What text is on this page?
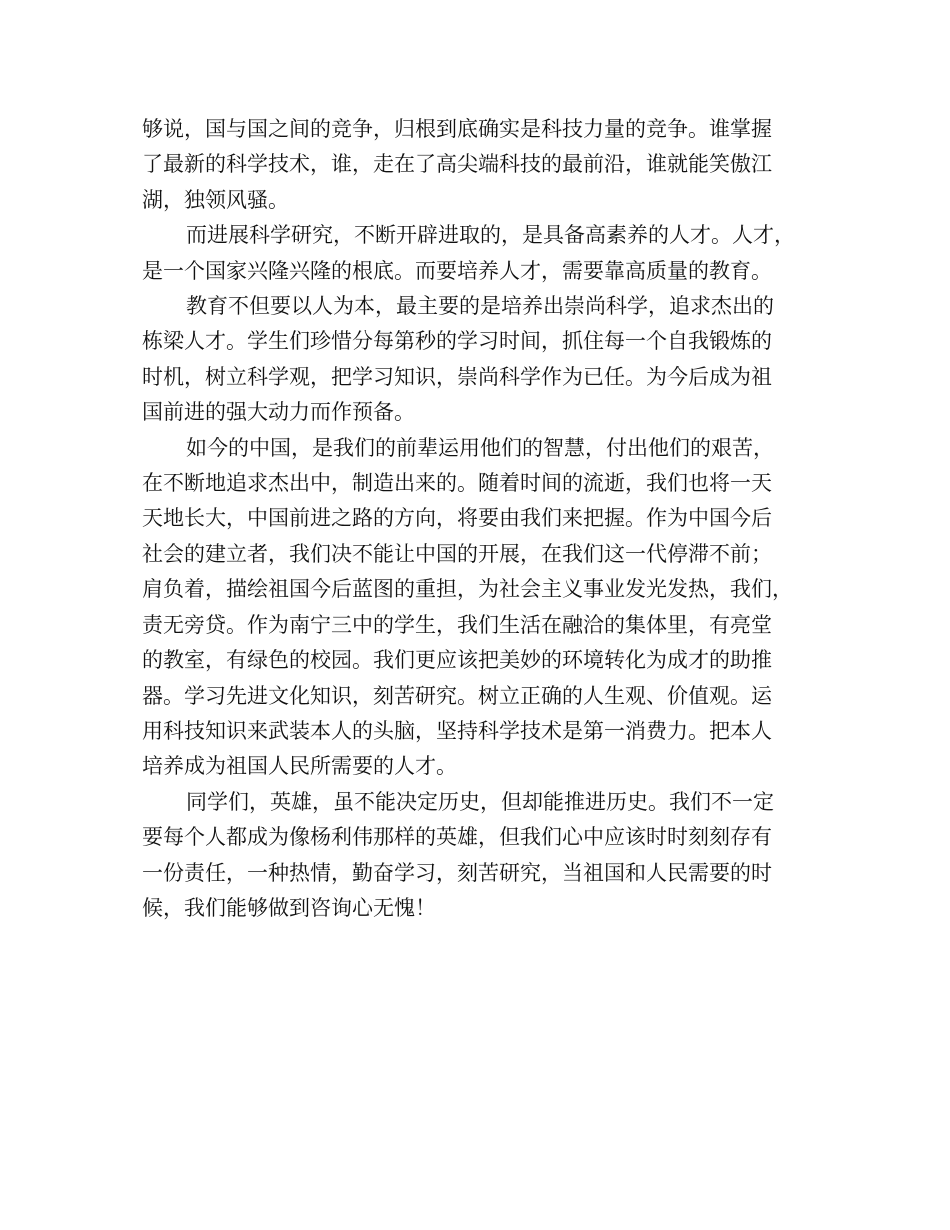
够说，国与国之间的竞争，归根到底确实是科技力量的竞争。谁掌握
了最新的科学技术，谁，走在了高尖端科技的最前沿，谁就能笑傲江
湖，独领风骚。
而进展科学研究，不断开辟进取的，是具备高素养的人才。人才，
是一个国家兴隆兴隆的根底。而要培养人才，需要靠高质量的教育。
教育不但要以人为本，最主要的是培养出崇尚科学，追求杰出的
栋梁人才。学生们珍惜分每第秒的学习时间，抓住每一个自我锻炼的
时机，树立科学观，把学习知识，崇尚科学作为已任。为今后成为祖
国前进的强大动力而作预备。
如今的中国，是我们的前辈运用他们的智慧，付出他们的艰苦，
在不断地追求杰出中，制造出来的。随着时间的流逝，我们也将一天
天地长大，中国前进之路的方向，将要由我们来把握。作为中国今后
社会的建立者，我们决不能让中国的开展，在我们这一代停滞不前；
肩负着，描绘祖国今后蓝图的重担，为社会主义事业发光发热，我们，
责无旁贷。作为南宁三中的学生，我们生活在融洽的集体里，有亮堂
的教室，有绿色的校园。我们更应该把美妙的环境转化为成才的助推
器。学习先进文化知识，刻苦研究。树立正确的人生观、价值观。运
用科技知识来武装本人的头脑，坚持科学技术是第一消费力。把本人
培养成为祖国人民所需要的人才。
同学们，英雄，虽不能决定历史，但却能推进历史。我们不一定
要每个人都成为像杨利伟那样的英雄，但我们心中应该时时刻刻存有
一份责任，一种热情，勤奋学习，刻苦研究，当祖国和人民需要的时
候，我们能够做到咨询心无愧！
